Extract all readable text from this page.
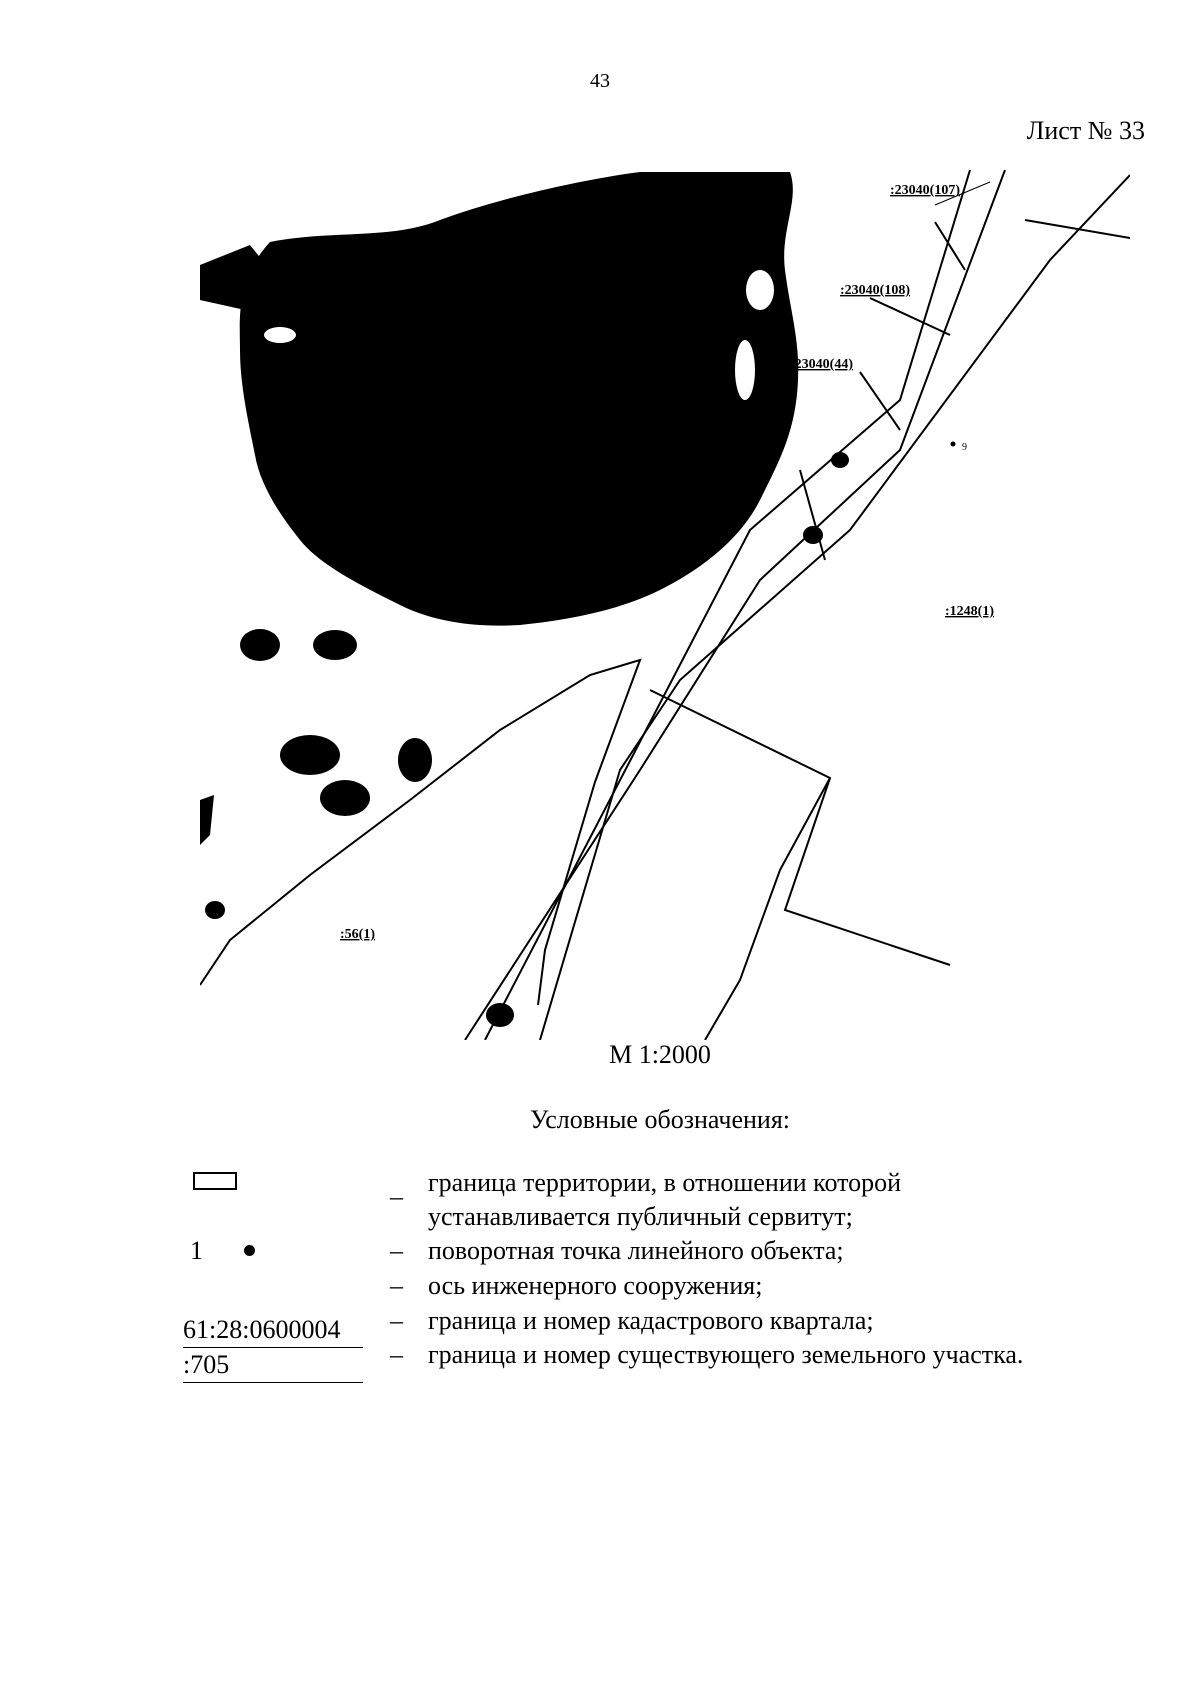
43
Лист № 33
:23040(107)
:23040(108)
:23040(44)
:1248(1)
:56(1)
9
"Керчикское сел
ого
М 1:2000
Условные обозначения:
– граница территории, в отношении которой
устанавливается публичный сервитут;
1	– поворотная точка линейного объекта;
– ось инженерного сооружения;
61:28:0600004
:705
– граница и номер кадастрового квартала;
– граница и номер существующего земельного участка.
